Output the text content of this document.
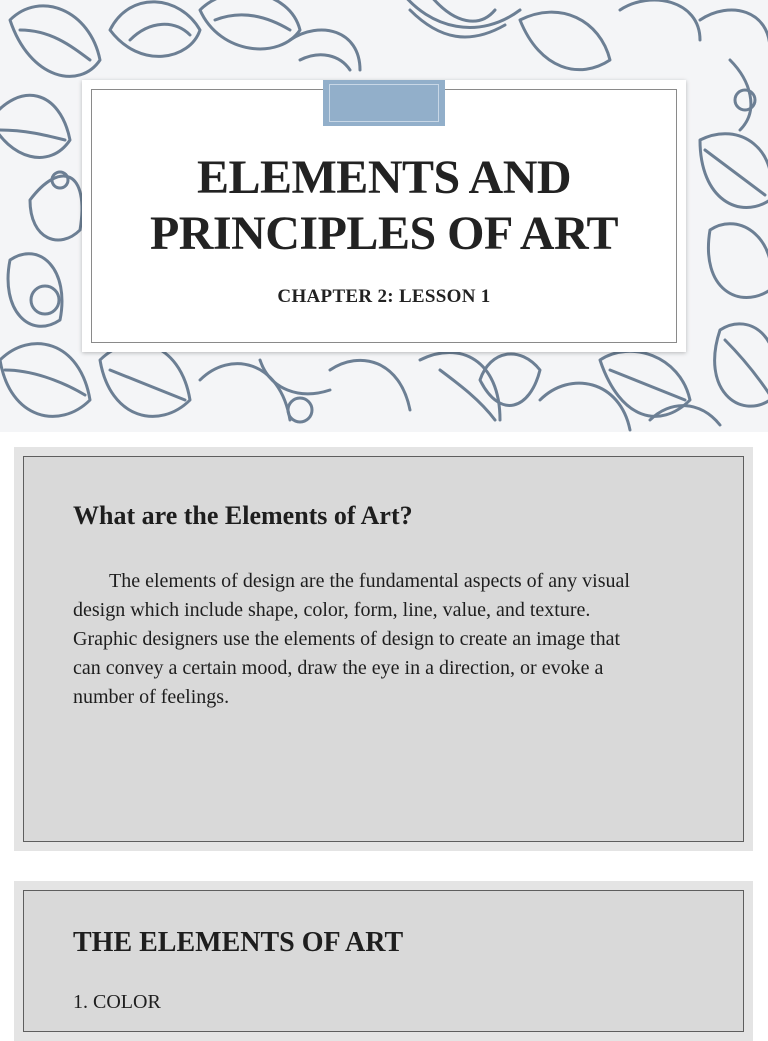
ELEMENTS AND
PRINCIPLES OF ART
CHAPTER 2: LESSON 1
What are the Elements of Art?
The elements of design are the fundamental aspects of any visual
design which include shape, color, form, line, value, and texture.
Graphic designers use the elements of design to create an image that
can convey a certain mood, draw the eye in a direction, or evoke a
number of feelings.
THE ELEMENTS OF ART
1. COLOR
